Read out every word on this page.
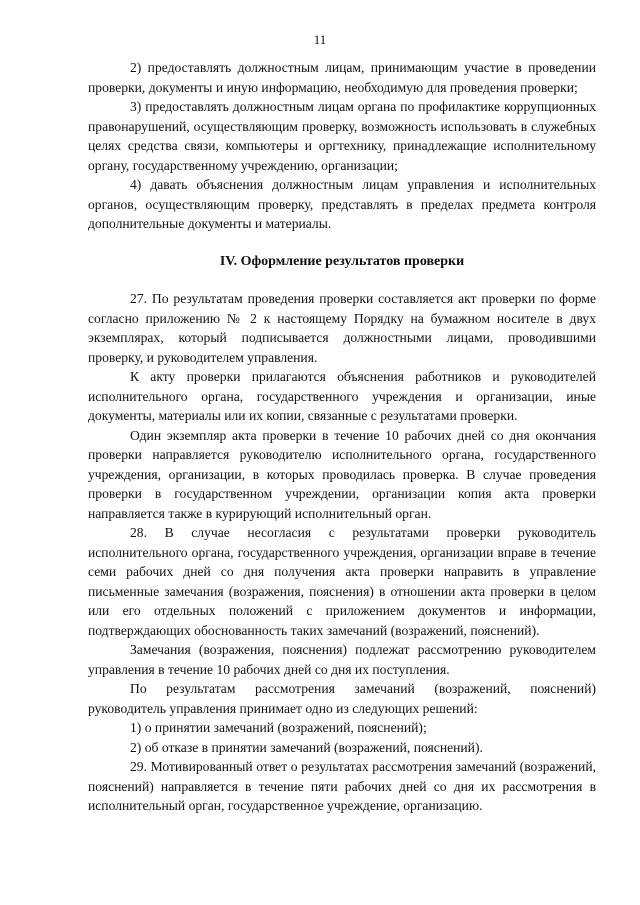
11

2) предоставлять должностным лицам, принимающим участие в проведении проверки, документы и иную информацию, необходимую для проведения проверки;

3) предоставлять должностным лицам органа по профилактике коррупционных правонарушений, осуществляющим проверку, возможность использовать в служебных целях средства связи, компьютеры и оргтехнику, принадлежащие исполнительному органу, государственному учреждению, организации;

4) давать объяснения должностным лицам управления и исполнительных органов, осуществляющим проверку, представлять в пределах предмета контроля дополнительные документы и материалы.

IV. Оформление результатов проверки

27. По результатам проведения проверки составляется акт проверки по форме согласно приложению № 2 к настоящему Порядку на бумажном носителе в двух экземплярах, который подписывается должностными лицами, проводившими проверку, и руководителем управления.

К акту проверки прилагаются объяснения работников и руководителей исполнительного органа, государственного учреждения и организации, иные документы, материалы или их копии, связанные с результатами проверки.

Один экземпляр акта проверки в течение 10 рабочих дней со дня окончания проверки направляется руководителю исполнительного органа, государственного учреждения, организации, в которых проводилась проверка. В случае проведения проверки в государственном учреждении, организации копия акта проверки направляется также в курирующий исполнительный орган.

28. В случае несогласия с результатами проверки руководитель исполнительного органа, государственного учреждения, организации вправе в течение семи рабочих дней со дня получения акта проверки направить в управление письменные замечания (возражения, пояснения) в отношении акта проверки в целом или его отдельных положений с приложением документов и информации, подтверждающих обоснованность таких замечаний (возражений, пояснений).

Замечания (возражения, пояснения) подлежат рассмотрению руководителем управления в течение 10 рабочих дней со дня их поступления.

По результатам рассмотрения замечаний (возражений, пояснений) руководитель управления принимает одно из следующих решений:

1) о принятии замечаний (возражений, пояснений);

2) об отказе в принятии замечаний (возражений, пояснений).

29. Мотивированный ответ о результатах рассмотрения замечаний (возражений, пояснений) направляется в течение пяти рабочих дней со дня их рассмотрения в исполнительный орган, государственное учреждение, организацию.
